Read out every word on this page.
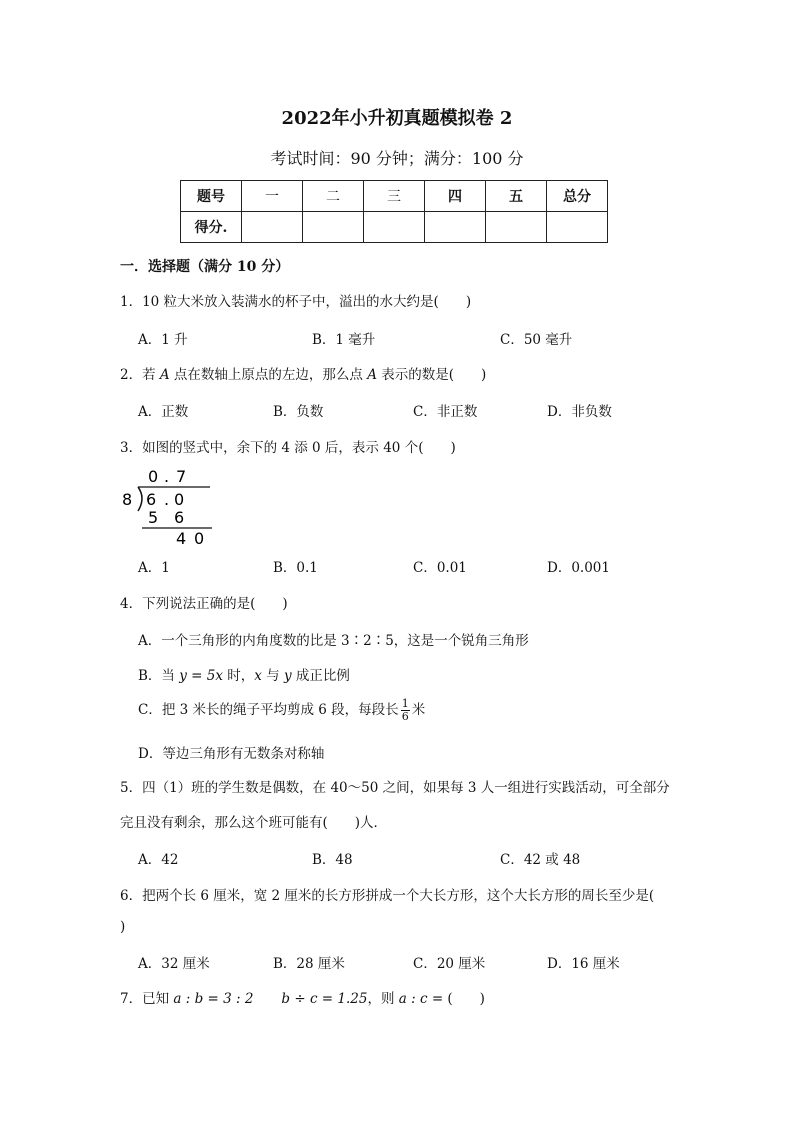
2022年小升初真题模拟卷 2
考试时间：90 分钟；满分：100 分
题号	一	二	三	四	五	总分
得分.						
一．选择题（满分 10 分）
1．10 粒大米放入装满水的杯子中，溢出的水大约是(　　)
A．1 升	B．1 毫升	C．50 毫升
2．若 A 点在数轴上原点的左边，那么点 A 表示的数是(　　)
A．正数	B．负数	C．非正数	D．非负数
3．如图的竖式中，余下的 4 添 0 后，表示 40 个(　　)
0 . 7
8 6 . 0
5 6
4 0
A．1	B．0.1	C．0.01	D．0.001
4．下列说法正确的是(　　)
A．一个三角形的内角度数的比是 3∶2∶5，这是一个锐角三角形
B．当 y = 5x 时，x 与 y 成正比例
C．把 3 米长的绳子平均剪成 6 段，每段长 $\frac{1}{6}$ 米
D．等边三角形有无数条对称轴
5．四（1）班的学生数是偶数，在 40～50 之间，如果每 3 人一组进行实践活动，可全部分
完且没有剩余，那么这个班可能有(　　)人．
A．42	B．48	C．42 或 48
6．把两个长 6 厘米，宽 2 厘米的长方形拼成一个大长方形，这个大长方形的周长至少是(
)
A．32 厘米	B．28 厘米	C．20 厘米	D．16 厘米
7．已知 a : b = 3 : 2 b ÷ c = 1.25，则 a : c = (　　)
